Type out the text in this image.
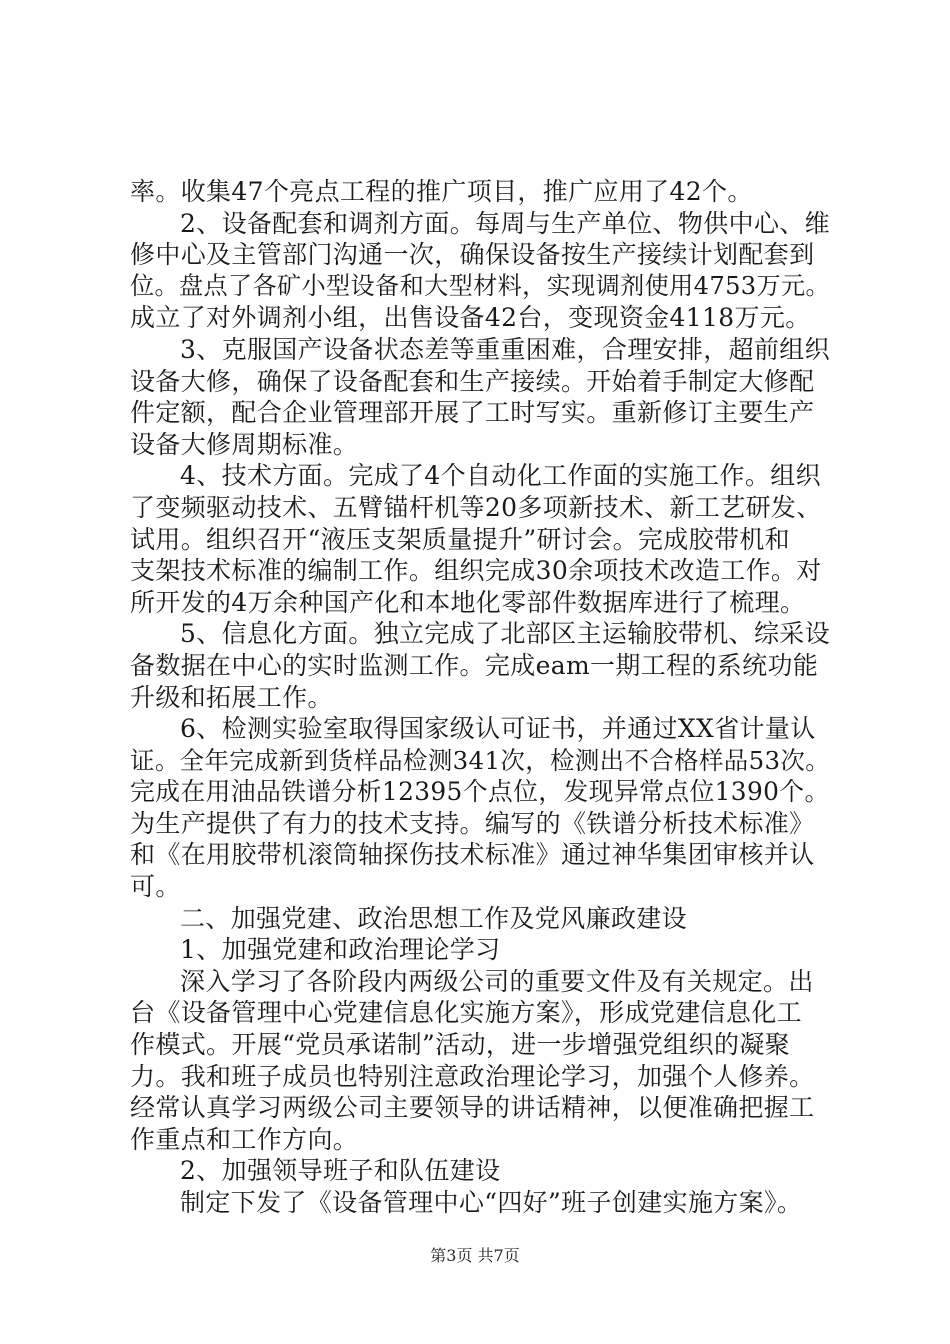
率。收集47个亮点工程的推广项目，推广应用了42个。
2、设备配套和调剂方面。每周与生产单位、物供中心、维
修中心及主管部门沟通一次，确保设备按生产接续计划配套到
位。盘点了各矿小型设备和大型材料，实现调剂使用4753万元。
成立了对外调剂小组，出售设备42台，变现资金4118万元。
3、克服国产设备状态差等重重困难，合理安排，超前组织
设备大修，确保了设备配套和生产接续。开始着手制定大修配
件定额，配合企业管理部开展了工时写实。重新修订主要生产
设备大修周期标准。
4、技术方面。完成了4个自动化工作面的实施工作。组织
了变频驱动技术、五臂锚杆机等20多项新技术、新工艺研发、
试用。组织召开“液压支架质量提升”研讨会。完成胶带机和
支架技术标准的编制工作。组织完成30余项技术改造工作。对
所开发的4万余种国产化和本地化零部件数据库进行了梳理。
5、信息化方面。独立完成了北部区主运输胶带机、综采设
备数据在中心的实时监测工作。完成eam一期工程的系统功能
升级和拓展工作。
6、检测实验室取得国家级认可证书，并通过XX省计量认
证。全年完成新到货样品检测341次，检测出不合格样品53次。
完成在用油品铁谱分析12395个点位，发现异常点位1390个。
为生产提供了有力的技术支持。编写的《铁谱分析技术标准》
和《在用胶带机滚筒轴探伤技术标准》通过神华集团审核并认
可。
二、加强党建、政治思想工作及党风廉政建设
1、加强党建和政治理论学习
深入学习了各阶段内两级公司的重要文件及有关规定。出
台《设备管理中心党建信息化实施方案》，形成党建信息化工
作模式。开展“党员承诺制”活动，进一步增强党组织的凝聚
力。我和班子成员也特别注意政治理论学习，加强个人修养。
经常认真学习两级公司主要领导的讲话精神，以便准确把握工
作重点和工作方向。
2、加强领导班子和队伍建设
制定下发了《设备管理中心“四好”班子创建实施方案》。
第3页 共7页
